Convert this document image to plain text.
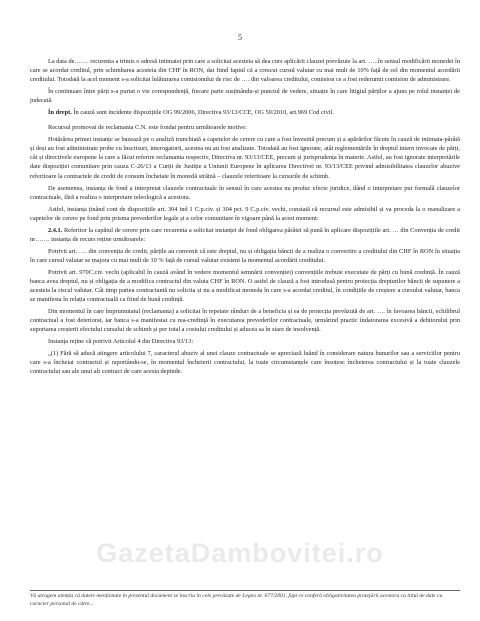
5

La data de……. recurenta a trimis o adresă intimatei prin care a solicitat acesteia să dea curs aplicării clauzei prevăzute la art. …..în sensul modificării monedei în care se acordat creditul, prin schimbarea acesteia din CHF în RON, dat fiind faptul că a crescut cursul valutar cu mai mult de 10% față de cel din momentul acordării creditului. Totodată la acel moment s-a solicitat înlăturarea comisionului de risc de …. din valoarea creditului, comision ce a fost rederumit comision de administrare.

În continuare între părți s-a purtat o vie corespondență, fiecare parte susținându-și punctul de vedere, situație în care litigiul părților a ajuns pe rolul instanței de judecată.

În drept. În cauză sunt incidente dispozițiile OG 99/2006, Directiva 93/13/CCE, OG 50/2010, art.969 Cod civil.

Recursul promovat de reclamanta C.N. este fondat pentru următoarele motive:

Hotărârea primei instanțe se bazează pe o analiză trunchiată a capetelor de cerere cu care a fost învestită precum și a apărărilor făcute în cauză de intimata-pârâtă și deși au fost administrate probe cu înscrisuri, interogatorii, acestea nu au fost analizate. Totodată au fost ignorate, atât reglementările în dreptul intern invocate de părți, cât și directivele europene la care a făcut referire reclamanta respectiv, Directiva nr. 93/13/CEE, precum și jurisprudența în materie. Astfel, au fost ignorate interpretările date dispoziției comunitare prin cauza C-26/13 a Curții de Justiție a Uniunii Europene în aplicarea Directivei nr. 93/13/CEE privind admisibilitatea clauzelor abuzive referitoare la contractele de credit de consum încheiate în monedă străină – clauzele referitoare la cursurile de schimb.

De asemenea, instanța de fond a interpretat clauzele contractuale în sensul în care acestea nu produc efecte juridice, dând o interpretare pur formală clauzelor contractuale, fără a realiza o interpretare teleologică a acestora.

Astfel, instanța ținând cont de dispozițiile art. 304 ind 1 C.p.civ. și 304 pct. 9 C.p.civ. vechi, constată că recursul este admisibil și va proceda la o reanalizare a capetelor de cerere pe fond prin prisma prevederilor legale și a celor comunitare în vigoare până la acest moment:

2.4.1. Referitor la capătul de cerere prin care recurenta a solicitat instanței de fond obligarea pârâtei să pună în aplicare dispozițiile art. … din Convenția de credit nr……. instanța de recurs reține următoarele:

Potrivit art. …. din convenția de credit, părțile au convenit că este dreptul, nu și obligația băncii de a realiza o convertire a creditului din CHF în RON în situația în care cursul valutar se majora cu mai mult de 10 % față de cursul valutar existent la momentul acordării creditului.

Potrivit art. 970C.civ. vechi (aplicabil în cauză având în vedere momentul semnării convenției) convențiile trebuie executate de părți cu bună credință. În cauză banca avea dreptul, nu și obligația de a modifica contractul din valuta CHF în RON. O astfel de clauză a fost introdusă pentru protecția drepturilor băncii de supunere a acesteia la riscul valutar. Cât timp partea contractantă nu solicita și nu a modificat moneda în care s-a acordat creditul, în condițiile de creștere a cursului valutar, banca se manifesta în relația contractuală ca fiind de bună credință.

Din momentul în care împrumutatul (reclamanta) a solicitat în repetate rânduri de a beneficia și ea de protecția prevăzută de art. …. în favoarea băncii, echilibrul contractual a fost deteriorat, iar banca s-a manifestat cu rea-credință în executarea prevederilor contractuale, urmărind practic îndatorarea excesivă a debitorului prin suportarea creșterii efectului cursului de schimb și per total a costului creditului și aducea sa în stare de insolvență.

Instanța reține că potrivit Articolul 4 din Directiva 93/13:

„(1) Fără să aducă atingere articolului 7, caracterul abuziv al unei clauze contractuale se apreciază luând în considerare natura bunurilor sau a serviciilor pentru care s-a încheiat contractul și raportându-se, în momentul încheierii contractului, la toate circumstanțele care însoțesc încheierea contractului și la toate clauzele contractului sau ale unui alt contract de care acesta depinde.

GazetaDambovitei.ro
Vă atragem atenția că datele menționate în prezentul document se înscriu în cele prevăzute de Legea nr. 677/2001, fapt ce conferă obligativitatea protejării acestora cu titlul de date cu caracter personal de către...
